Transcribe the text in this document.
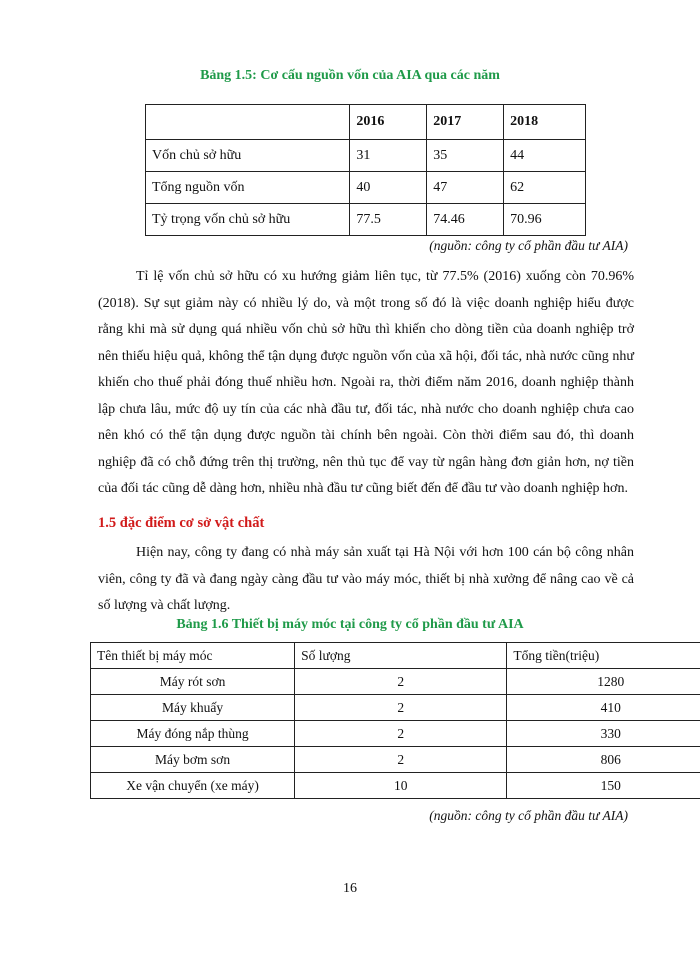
Bảng 1.5: Cơ cấu nguồn vốn của AIA qua các năm
	2016	2017	2018
Vốn chủ sở hữu	31	35	44
Tổng nguồn vốn	40	47	62
Tỷ trọng vốn chủ sở hữu	77.5	74.46	70.96
(nguồn: công ty cổ phần đầu tư AIA)

Tỉ lệ vốn chủ sở hữu có xu hướng giảm liên tục, từ 77.5% (2016) xuống còn 70.96% (2018). Sự sụt giảm này có nhiều lý do, và một trong số đó là việc doanh nghiệp hiểu được rằng khi mà sử dụng quá nhiều vốn chủ sở hữu thì khiến cho dòng tiền của doanh nghiệp trở nên thiếu hiệu quả, không thể tận dụng được nguồn vốn của xã hội, đối tác, nhà nước cũng như khiến cho thuế phải đóng thuế nhiều hơn. Ngoài ra, thời điểm năm 2016, doanh nghiệp thành lập chưa lâu, mức độ uy tín của các nhà đầu tư, đối tác, nhà nước cho doanh nghiệp chưa cao nên khó có thể tận dụng được nguồn tài chính bên ngoài. Còn thời điểm sau đó, thì doanh nghiệp đã có chỗ đứng trên thị trường, nên thủ tục để vay từ ngân hàng đơn giản hơn, nợ tiền của đối tác cũng dễ dàng hơn, nhiều nhà đầu tư cũng biết đến để đầu tư vào doanh nghiệp hơn.

1.5 đặc điểm cơ sở vật chất

Hiện nay, công ty đang có nhà máy sản xuất tại Hà Nội với hơn 100 cán bộ công nhân viên, công ty đã và đang ngày càng đầu tư vào máy móc, thiết bị nhà xưởng để nâng cao về cả số lượng và chất lượng.

Bảng 1.6 Thiết bị máy móc tại công ty cổ phần đầu tư AIA
Tên thiết bị máy móc	Số lượng	Tổng tiền(triệu)
Máy rót sơn	2	1280
Máy khuấy	2	410
Máy đóng nắp thùng	2	330
Máy bơm sơn	2	806
Xe vận chuyển (xe máy)	10	150
(nguồn: công ty cổ phần đầu tư AIA)
16
